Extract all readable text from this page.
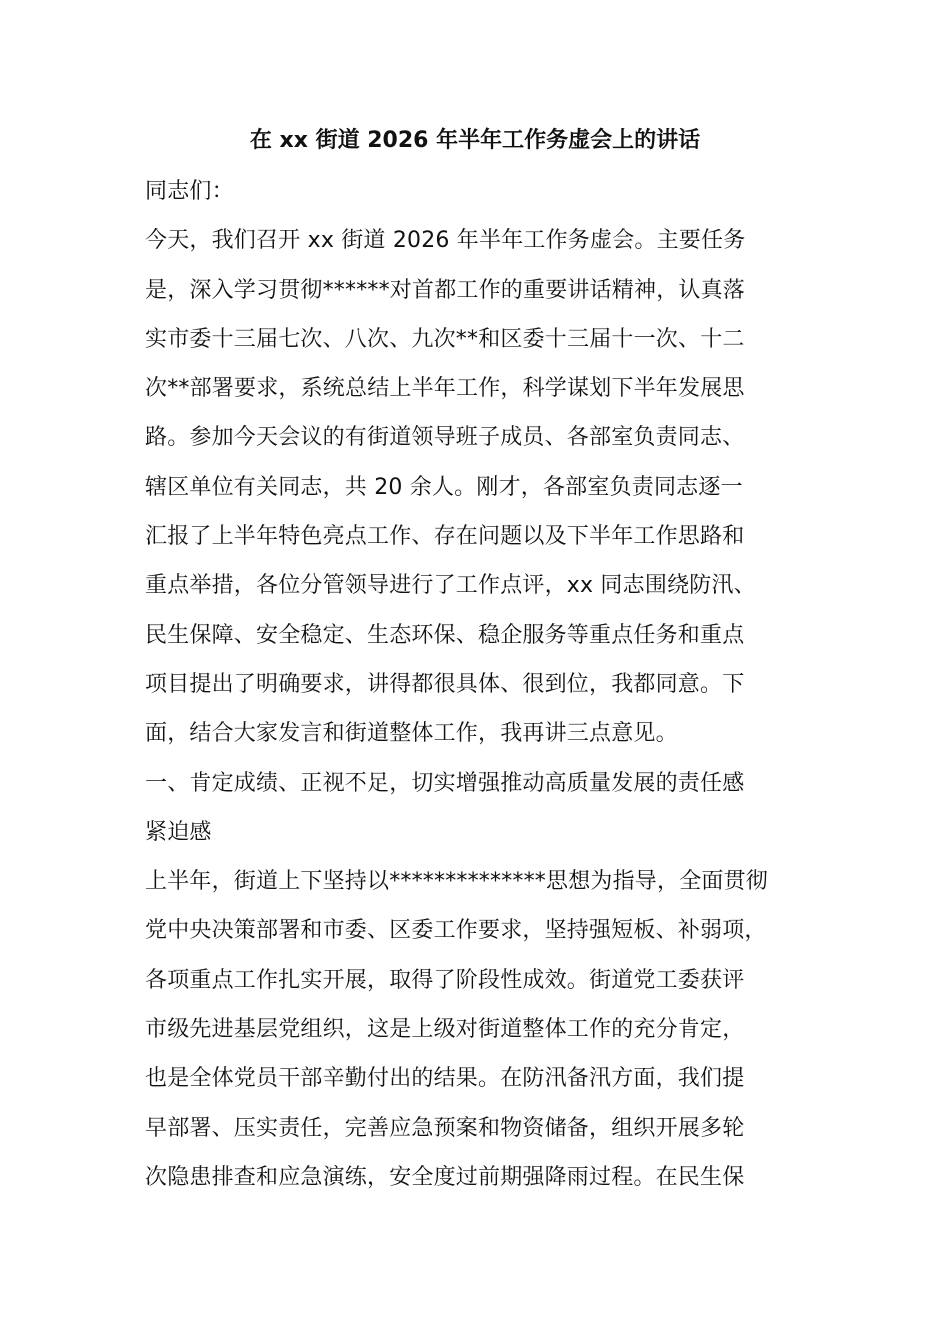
在 xx 街道 2026 年半年工作务虚会上的讲话
同志们：
今天，我们召开 xx 街道 2026 年半年工作务虚会。主要任务
是，深入学习贯彻******对首都工作的重要讲话精神，认真落
实市委十三届七次、八次、九次**和区委十三届十一次、十二
次**部署要求，系统总结上半年工作，科学谋划下半年发展思
路。参加今天会议的有街道领导班子成员、各部室负责同志、
辖区单位有关同志，共 20 余人。刚才，各部室负责同志逐一
汇报了上半年特色亮点工作、存在问题以及下半年工作思路和
重点举措，各位分管领导进行了工作点评，xx 同志围绕防汛、
民生保障、安全稳定、生态环保、稳企服务等重点任务和重点
项目提出了明确要求，讲得都很具体、很到位，我都同意。下
面，结合大家发言和街道整体工作，我再讲三点意见。
一、肯定成绩、正视不足，切实增强推动高质量发展的责任感
紧迫感
上半年，街道上下坚持以**************思想为指导，全面贯彻
党中央决策部署和市委、区委工作要求，坚持强短板、补弱项，
各项重点工作扎实开展，取得了阶段性成效。街道党工委获评
市级先进基层党组织，这是上级对街道整体工作的充分肯定，
也是全体党员干部辛勤付出的结果。在防汛备汛方面，我们提
早部署、压实责任，完善应急预案和物资储备，组织开展多轮
次隐患排查和应急演练，安全度过前期强降雨过程。在民生保
